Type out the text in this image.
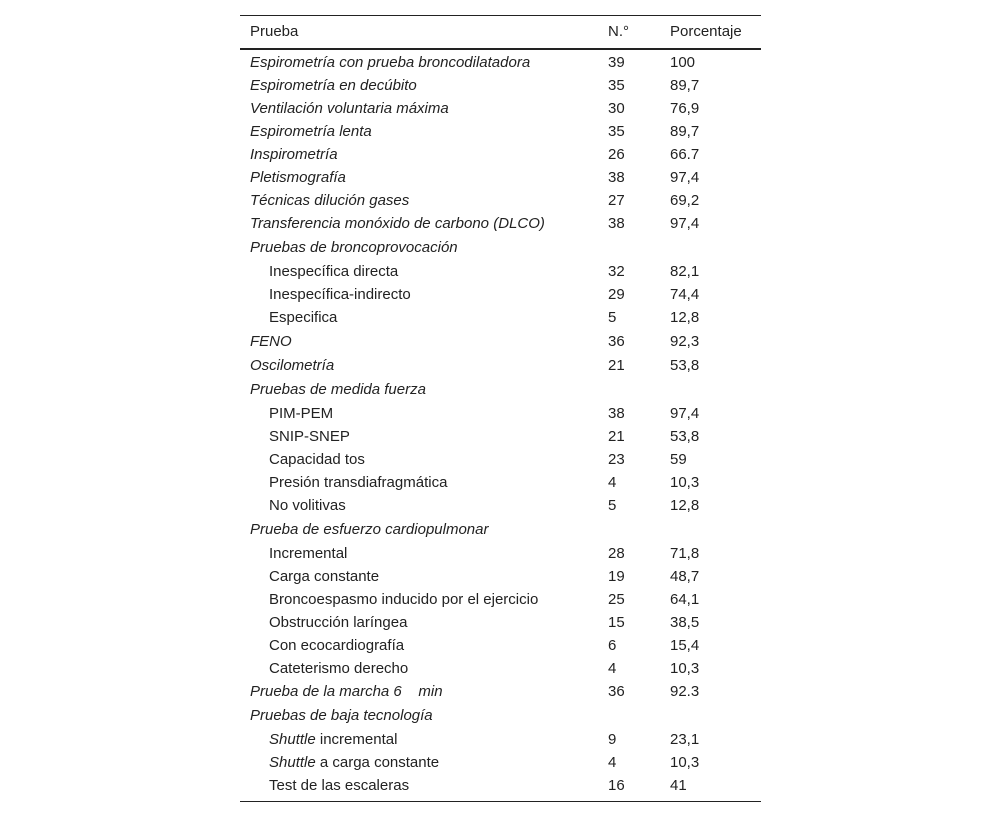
Prueba	N.°	Porcentaje
Espirometría con prueba broncodilatadora	39	100
Espirometría en decúbito	35	89,7
Ventilación voluntaria máxima	30	76,9
Espirometría lenta	35	89,7
Inspirometría	26	66.7
Pletismografía	38	97,4
Técnicas dilución gases	27	69,2
Transferencia monóxido de carbono (DLCO)	38	97,4
Pruebas de broncoprovocación
Inespecífica directa	32	82,1
Inespecífica-indirecto	29	74,4
Especifica	5	12,8
FENO	36	92,3
Oscilometría	21	53,8
Pruebas de medida fuerza
PIM-PEM	38	97,4
SNIP-SNEP	21	53,8
Capacidad tos	23	59
Presión transdiafragmática	4	10,3
No volitivas	5	12,8
Prueba de esfuerzo cardiopulmonar
Incremental	28	71,8
Carga constante	19	48,7
Broncoespasmo inducido por el ejercicio	25	64,1
Obstrucción laríngea	15	38,5
Con ecocardiografía	6	15,4
Cateterismo derecho	4	10,3
Prueba de la marcha 6    min	36	92.3
Pruebas de baja tecnología
Shuttle incremental	9	23,1
Shuttle a carga constante	4	10,3
Test de las escaleras	16	41
